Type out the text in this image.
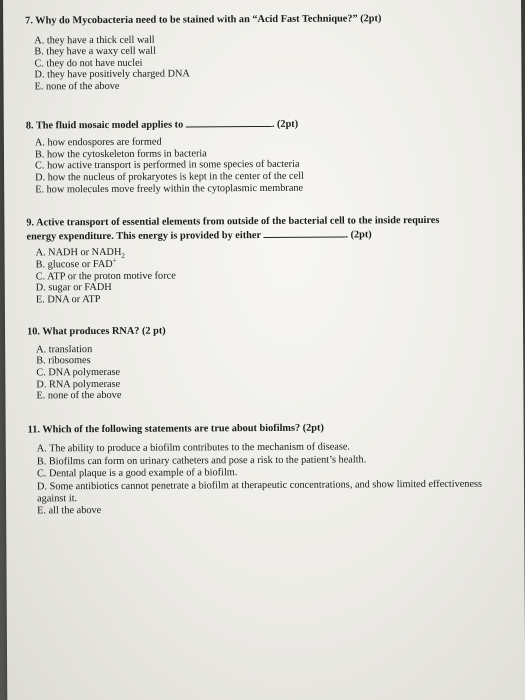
7. Why do Mycobacteria need to be stained with an “Acid Fast Technique?” (2pt)

A. they have a thick cell wall
B. they have a waxy cell wall
C. they do not have nuclei
D. they have positively charged DNA
E. none of the above

8. The fluid mosaic model applies to	. (2pt)

A. how endospores are formed
B. how the cytoskeleton forms in bacteria
C. how active transport is performed in some species of bacteria
D. how the nucleus of prokaryotes is kept in the center of the cell
E. how molecules move freely within the cytoplasmic membrane

9. Active transport of essential elements from outside of the bacterial cell to the inside requires

energy expenditure. This energy is provided by either	. (2pt)

A. NADH or $NADH_2$
B. glucose or FAD+
C. ATP or the proton motive force
D. sugar or FADH
E. DNA or ATP

10. What produces RNA? (2 pt)

A. translation
B. ribosomes
C. DNA polymerase
D. RNA polymerase
E. none of the above

11. Which of the following statements are true about biofilms? (2pt)

A. The ability to produce a biofilm contributes to the mechanism of disease.
B. Biofilms can form on urinary catheters and pose a risk to the patient’s health.
C. Dental plaque is a good example of a biofilm.
D. Some antibiotics cannot penetrate a biofilm at therapeutic concentrations, and show limited effectiveness against it.
E. all the above
